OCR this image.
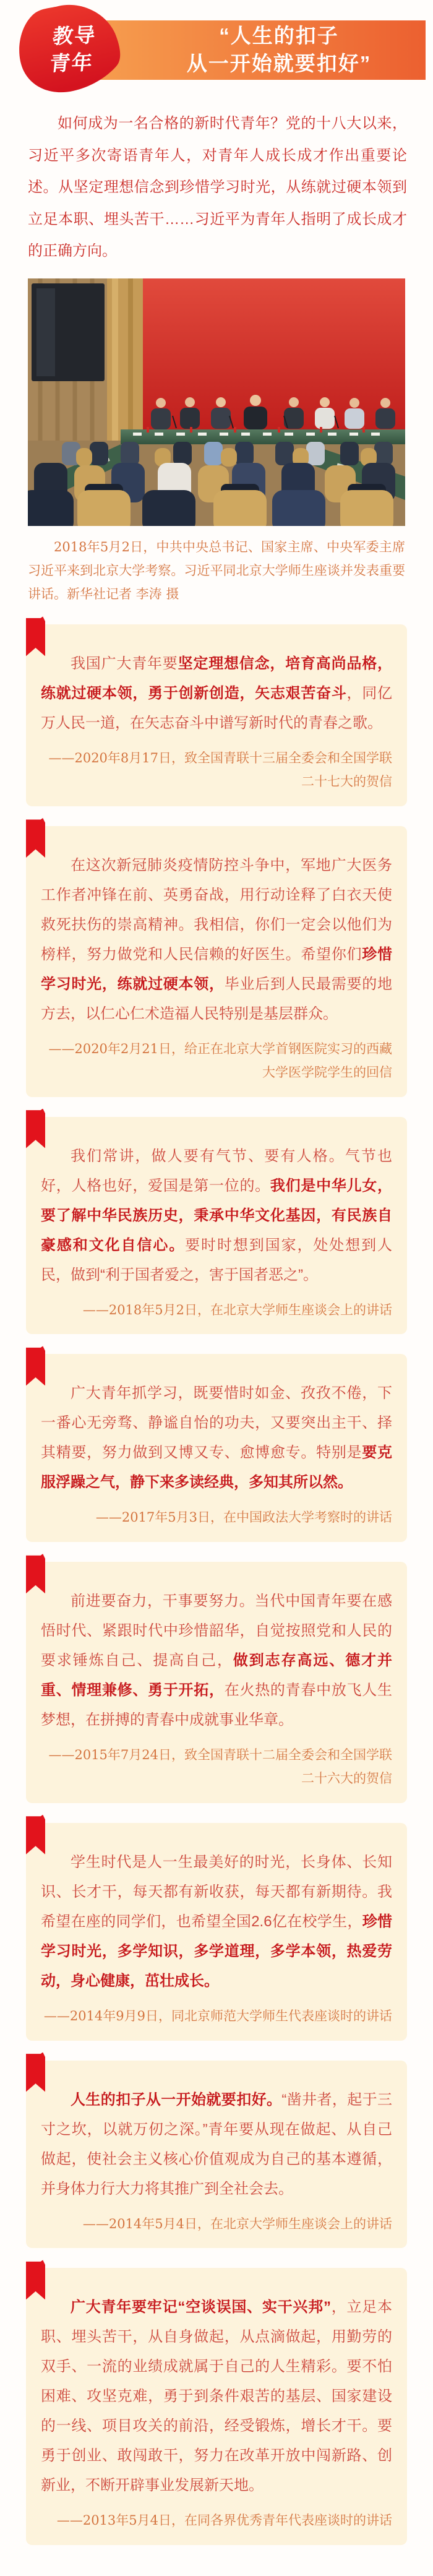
“人生的扣子
从一开始就要扣好”
教导
青年

如何成为一名合格的新时代青年？党的十八大以来，习近平多次寄语青年人，对青年人成长成才作出重要论述。从坚定理想信念到珍惜学习时光，从练就过硬本领到立足本职、埋头苦干……习近平为青年人指明了成长成才的正确方向。

2018年5月2日，中共中央总书记、国家主席、中央军委主席习近平来到北京大学考察。习近平同北京大学师生座谈并发表重要讲话。新华社记者 李涛 摄

我国广大青年要坚定理想信念，培育高尚品格，练就过硬本领，勇于创新创造，矢志艰苦奋斗，同亿万人民一道，在矢志奋斗中谱写新时代的青春之歌。

——2020年8月17日，致全国青联十三届全委会和全国学联二十七大的贺信

在这次新冠肺炎疫情防控斗争中，军地广大医务工作者冲锋在前、英勇奋战，用行动诠释了白衣天使救死扶伤的崇高精神。我相信，你们一定会以他们为榜样，努力做党和人民信赖的好医生。希望你们珍惜学习时光，练就过硬本领，毕业后到人民最需要的地方去，以仁心仁术造福人民特别是基层群众。

——2020年2月21日，给正在北京大学首钢医院实习的西藏大学医学院学生的回信

我们常讲，做人要有气节、要有人格。气节也好，人格也好，爱国是第一位的。我们是中华儿女，要了解中华民族历史，秉承中华文化基因，有民族自豪感和文化自信心。要时时想到国家，处处想到人民，做到“利于国者爱之，害于国者恶之”。

——2018年5月2日，在北京大学师生座谈会上的讲话

广大青年抓学习，既要惜时如金、孜孜不倦，下一番心无旁骛、静谧自怡的功夫，又要突出主干、择其精要，努力做到又博又专、愈博愈专。特别是要克服浮躁之气，静下来多读经典，多知其所以然。

——2017年5月3日，在中国政法大学考察时的讲话

前进要奋力，干事要努力。当代中国青年要在感悟时代、紧跟时代中珍惜韶华，自觉按照党和人民的要求锤炼自己、提高自己，做到志存高远、德才并重、情理兼修、勇于开拓，在火热的青春中放飞人生梦想，在拼搏的青春中成就事业华章。

——2015年7月24日，致全国青联十二届全委会和全国学联二十六大的贺信

学生时代是人一生最美好的时光，长身体、长知识、长才干，每天都有新收获，每天都有新期待。我希望在座的同学们，也希望全国2.6亿在校学生，珍惜学习时光，多学知识，多学道理，多学本领，热爱劳动，身心健康，茁壮成长。

——2014年9月9日，同北京师范大学师生代表座谈时的讲话

人生的扣子从一开始就要扣好。“凿井者，起于三寸之坎，以就万仞之深。”青年要从现在做起、从自己做起，使社会主义核心价值观成为自己的基本遵循，并身体力行大力将其推广到全社会去。

——2014年5月4日，在北京大学师生座谈会上的讲话

广大青年要牢记“空谈误国、实干兴邦”，立足本职、埋头苦干，从自身做起，从点滴做起，用勤劳的双手、一流的业绩成就属于自己的人生精彩。要不怕困难、攻坚克难，勇于到条件艰苦的基层、国家建设的一线、项目攻关的前沿，经受锻炼，增长才干。要勇于创业、敢闯敢干，努力在改革开放中闯新路、创新业，不断开辟事业发展新天地。

——2013年5月4日，在同各界优秀青年代表座谈时的讲话
